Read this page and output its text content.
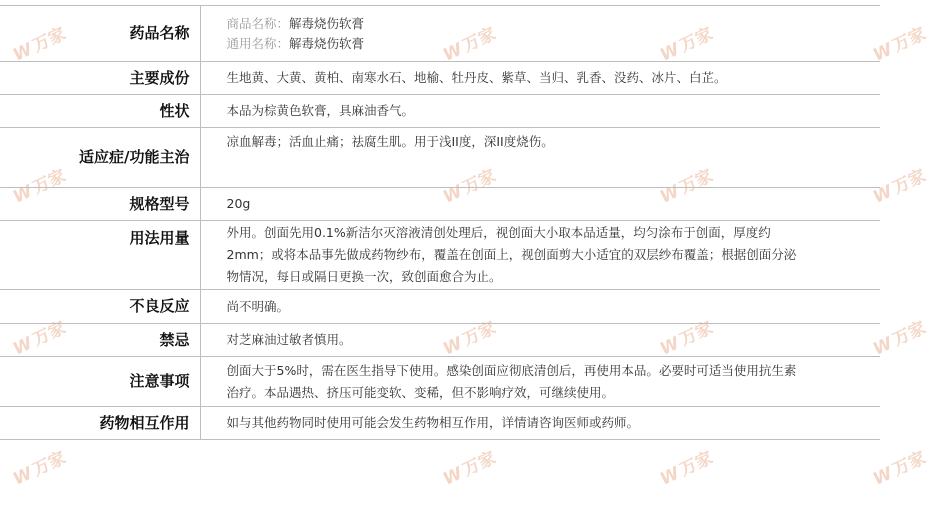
W万家	W万家	W万家	W万家
W万家	W万家	W万家	W万家
W万家	W万家	W万家	W万家
W万家	W万家	W万家	W万家
药品名称	商品名称：解毒烧伤软膏
通用名称：解毒烧伤软膏

主要成份	生地黄、大黄、黄柏、南寒水石、地榆、牡丹皮、紫草、当归、乳香、没药、冰片、白芷。
性状	本品为棕黄色软膏，具麻油香气。
适应症/功能主治	凉血解毒；活血止痛；祛腐生肌。用于浅II度，深II度烧伤。
规格型号	20g
用法用量	外用。创面先用0.1%新洁尔灭溶液清创处理后，视创面大小取本品适量，均匀涂布于创面，厚度约2mm；或将本品事先做成药物纱布，覆盖在创面上，视创面剪大小适宜的双层纱布覆盖；根据创面分泌物情况，每日或隔日更换一次，致创面愈合为止。
不良反应	尚不明确。
禁忌	对芝麻油过敏者慎用。
注意事项	创面大于5%时，需在医生指导下使用。感染创面应彻底清创后，再使用本品。必要时可适当使用抗生素治疗。本品遇热、挤压可能变软、变稀，但不影响疗效，可继续使用。
药物相互作用	如与其他药物同时使用可能会发生药物相互作用，详情请咨询医师或药师。
